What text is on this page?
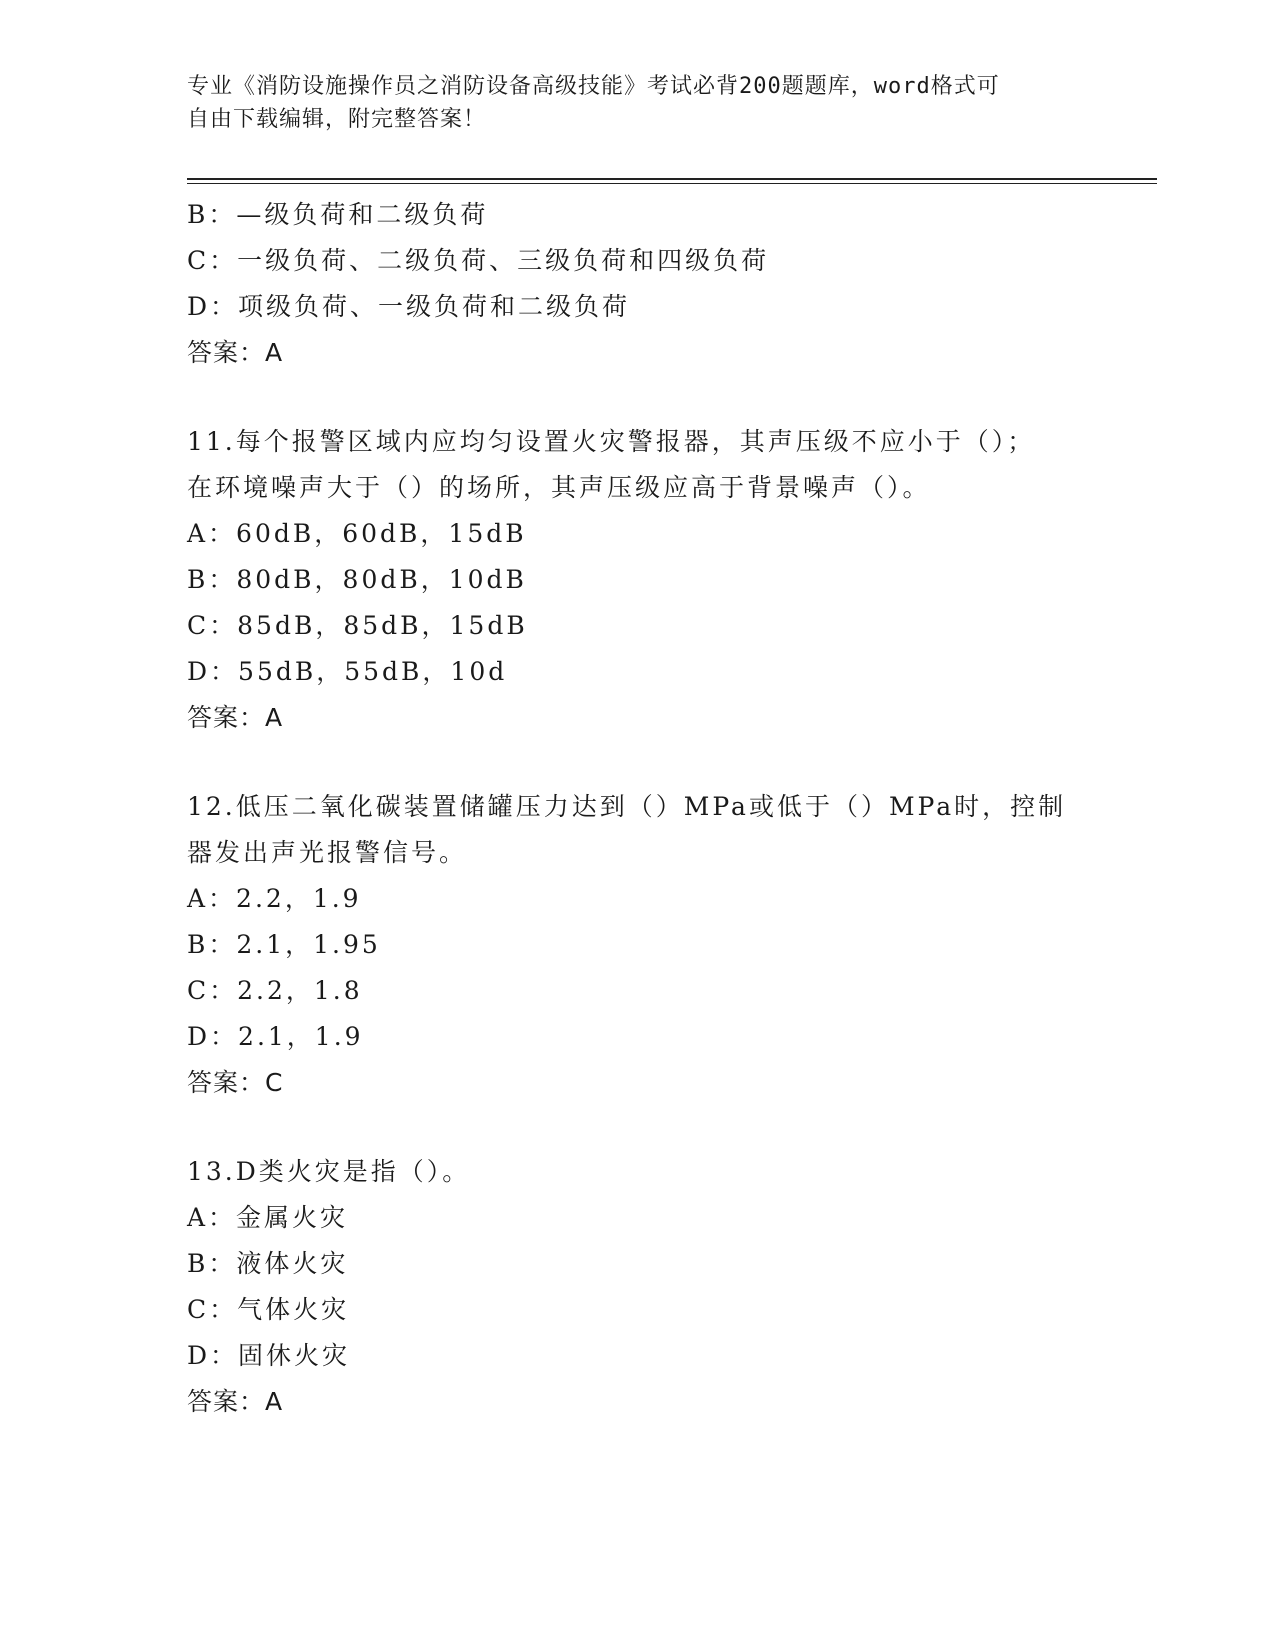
专业《消防设施操作员之消防设备高级技能》考试必背200题题库，word格式可
自由下载编辑，附完整答案！
B：—级负荷和二级负荷
C：一级负荷、二级负荷、三级负荷和四级负荷
D：项级负荷、一级负荷和二级负荷
答案：A
11.每个报警区域内应均匀设置火灾警报器，其声压级不应小于（）；
在环境噪声大于（）的场所，其声压级应高于背景噪声（）。
A：60dB，60dB，15dB
B：80dB，80dB，10dB
C：85dB，85dB，15dB
D：55dB，55dB，10d
答案：A
12.低压二氧化碳装置储罐压力达到（）MPa或低于（）MPa时，控制
器发出声光报警信号。
A：2.2，1.9
B：2.1，1.95
C：2.2，1.8
D：2.1，1.9
答案：C
13.D类火灾是指（）。
A：金属火灾
B：液体火灾
C：气体火灾
D：固休火灾
答案：A
